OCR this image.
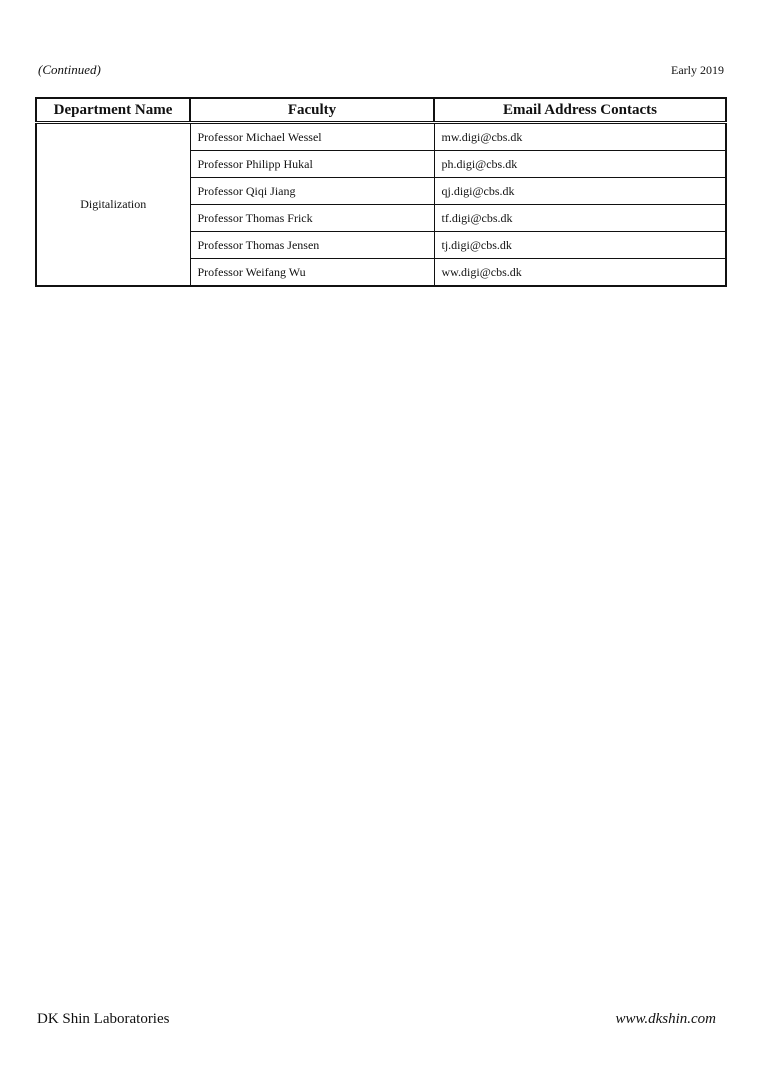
(Continued)	Early 2019
Department Name	Faculty	Email Address Contacts
Digitalization	Professor Michael Wessel	mw.digi@cbs.dk
	Professor Philipp Hukal	ph.digi@cbs.dk
	Professor Qiqi Jiang	qj.digi@cbs.dk
	Professor Thomas Frick	tf.digi@cbs.dk
	Professor Thomas Jensen	tj.digi@cbs.dk
	Professor Weifang Wu	ww.digi@cbs.dk
DK Shin Laboratories	www.dkshin.com
